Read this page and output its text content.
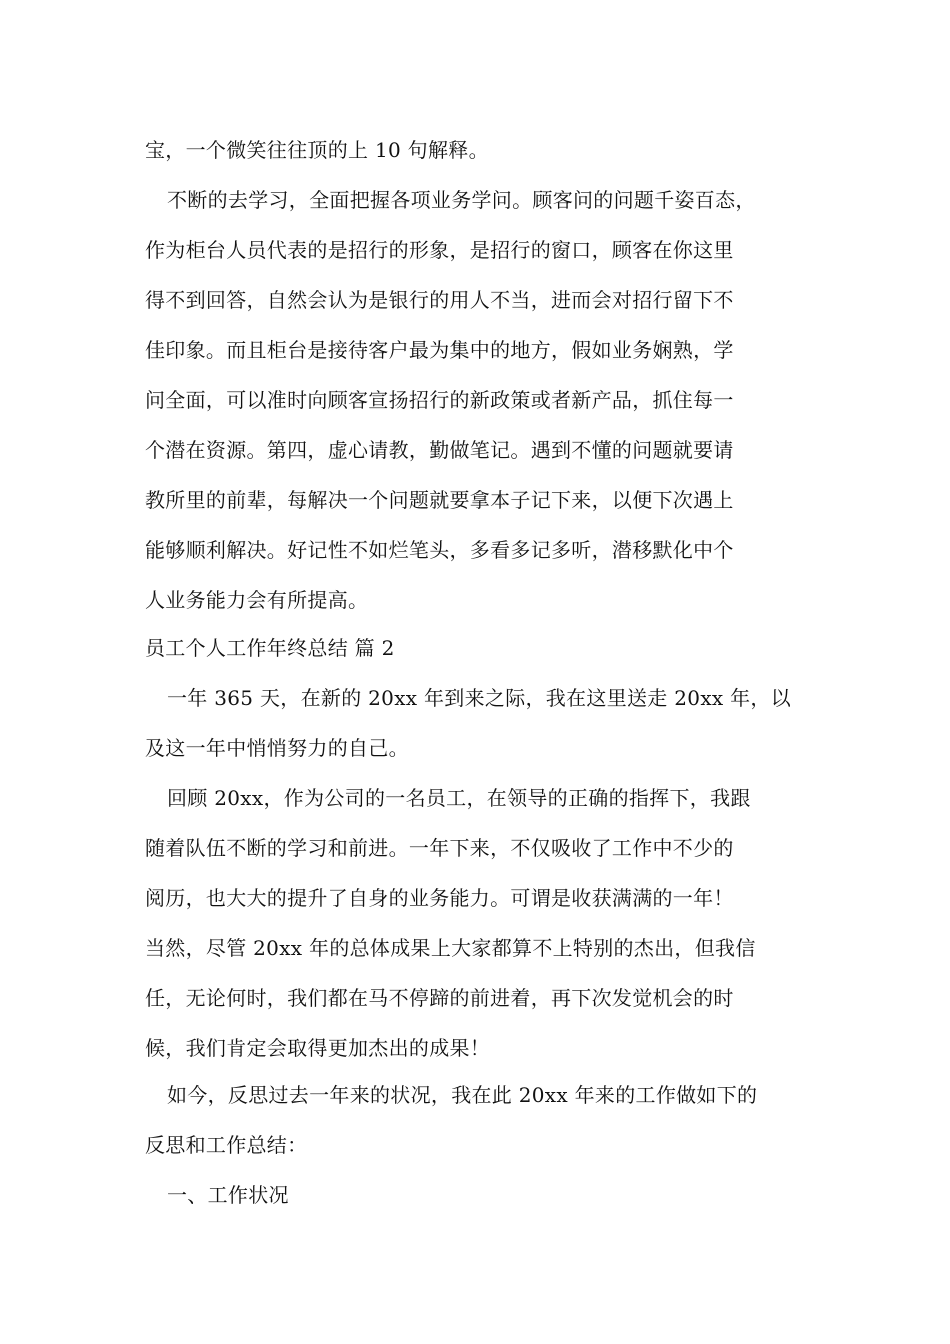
宝，一个微笑往往顶的上 10 句解释。
不断的去学习，全面把握各项业务学问。顾客问的问题千姿百态，
作为柜台人员代表的是招行的形象，是招行的窗口，顾客在你这里
得不到回答，自然会认为是银行的用人不当，进而会对招行留下不
佳印象。而且柜台是接待客户最为集中的地方，假如业务娴熟，学
问全面，可以准时向顾客宣扬招行的新政策或者新产品，抓住每一
个潜在资源。第四，虚心请教，勤做笔记。遇到不懂的问题就要请
教所里的前辈，每解决一个问题就要拿本子记下来，以便下次遇上
能够顺利解决。好记性不如烂笔头，多看多记多听，潜移默化中个
人业务能力会有所提高。
员工个人工作年终总结 篇 2
一年 365 天，在新的 20xx 年到来之际，我在这里送走 20xx 年，以
及这一年中悄悄努力的自己。
回顾 20xx，作为公司的一名员工，在领导的正确的指挥下，我跟
随着队伍不断的学习和前进。一年下来，不仅吸收了工作中不少的
阅历，也大大的提升了自身的业务能力。可谓是收获满满的一年！
当然，尽管 20xx 年的总体成果上大家都算不上特别的杰出，但我信
任，无论何时，我们都在马不停蹄的前进着，再下次发觉机会的时
候，我们肯定会取得更加杰出的成果！
如今，反思过去一年来的状况，我在此 20xx 年来的工作做如下的
反思和工作总结：
一、工作状况
